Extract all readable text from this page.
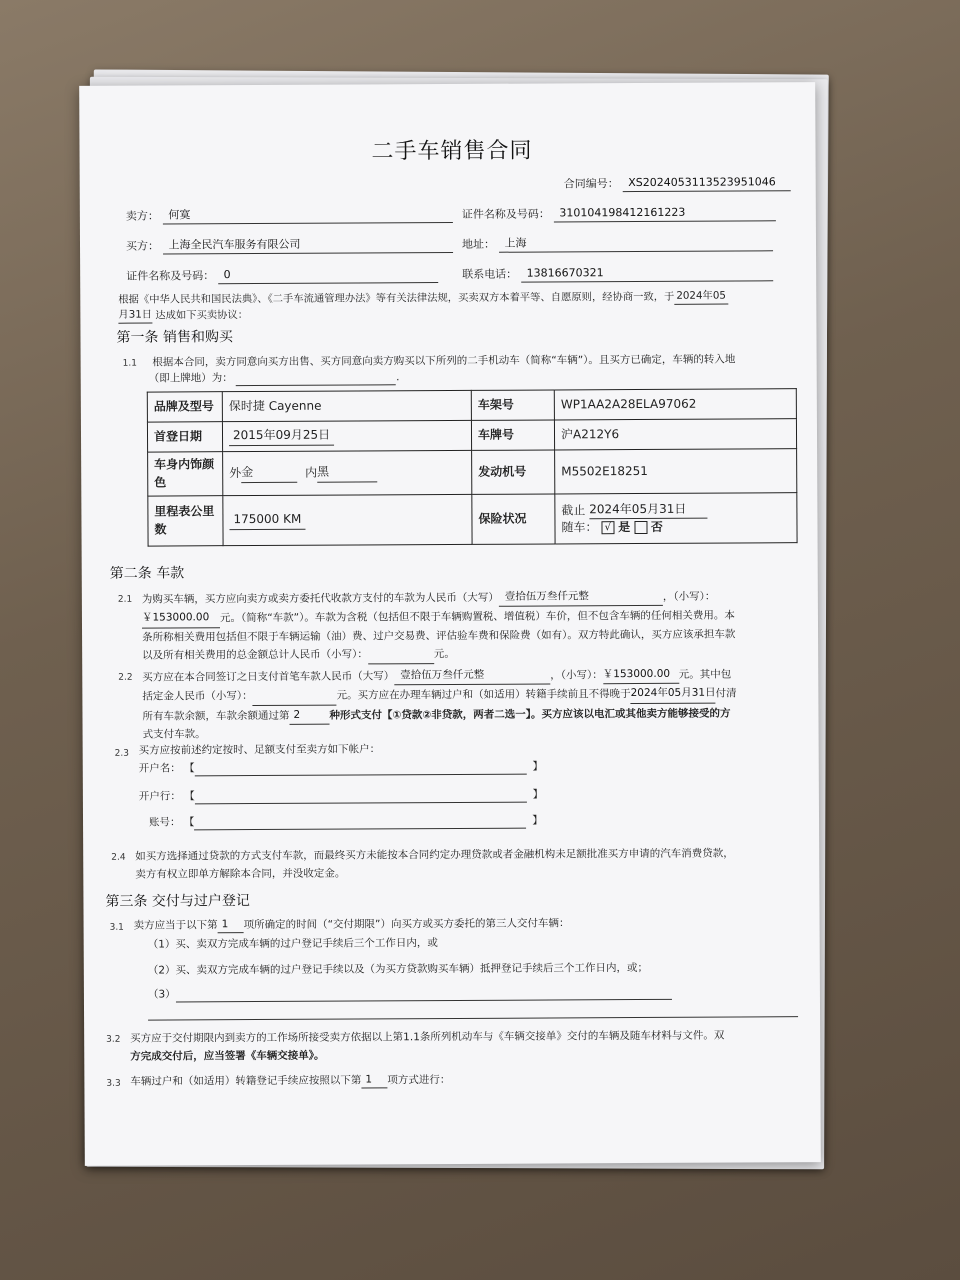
二手车销售合同
合同编号： XS2024053113523951046
卖方： 何寞	证件名称及号码： 310104198412161223
买方： 上海全民汽车服务有限公司	地址： 上海
证件名称及号码： 0	联系电话： 13816670321
根据《中华人民共和国民法典》、《二手车流通管理办法》等有关法律法规，买卖双方本着平等、自愿原则，经协商一致，于 2024年05
月31日 达成如下买卖协议：
第一条 销售和购买
1.1 根据本合同，卖方同意向买方出售、买方同意向卖方购买以下所列的二手机动车（简称“车辆”）。且买方已确定，车辆的转入地
（即上牌地）为：	.
品牌及型号	保时捷 Cayenne	车架号	WP1AA2A28ELA97062
首登日期	2015年09月25日	车牌号	沪A212Y6
车身内饰颜色	外金 内黑	发动机号	M5502E18251
里程表公里数	175000 KM	保险状况	截止 2024年05月31日
随车： √ 是 否
第二条 车款
2.1 为购买车辆，买方应向卖方或卖方委托代收款方支付的车款为人民币（大写） 壹拾伍万叁仟元整	，（小写）：
￥153000.00 元。（简称“车款”）。车款为含税（包括但不限于车辆购置税、增值税）车价，但不包含车辆的任何相关费用。本
条所称相关费用包括但不限于车辆运输（油）费、过户交易费、评估验车费和保险费（如有）。双方特此确认，买方应该承担车款
以及所有相关费用的总金额总计人民币（小写）：	元。
2.2 买方应在本合同签订之日支付首笔车款人民币（大写） 壹拾伍万叁仟元整	，（小写）：￥153000.00 元。其中包
括定金人民币（小写）：	元。买方应在办理车辆过户和（如适用）转籍手续前且不得晚于2024年05月31日付清
所有车款余额，车款余额通过第 2	种形式支付【①贷款②非贷款，两者二选一】。买方应该以电汇或其他卖方能够接受的方
式支付车款。
2.3 买方应按前述约定按时、足额支付至卖方如下帐户：
开户名： 【	】
开户行： 【	】
账号： 【	】
2.4 如买方选择通过贷款的方式支付车款，而最终买方未能按本合同约定办理贷款或者金融机构未足额批准买方申请的汽车消费贷款，
卖方有权立即单方解除本合同，并没收定金。
第三条 交付与过户登记
3.1 卖方应当于以下第 1 项所确定的时间（“交付期限”）向买方或买方委托的第三人交付车辆：
（1）买、卖双方完成车辆的过户登记手续后三个工作日内，或
（2）买、卖双方完成车辆的过户登记手续以及（为买方贷款购买车辆）抵押登记手续后三个工作日内，或；
（3）
3.2 买方应于交付期限内到卖方的工作场所接受卖方依据以上第1.1条所列机动车与《车辆交接单》交付的车辆及随车材料与文件。双
方完成交付后，应当签署《车辆交接单》。
3.3 车辆过户和（如适用）转籍登记手续应按照以下第 1 项方式进行：
